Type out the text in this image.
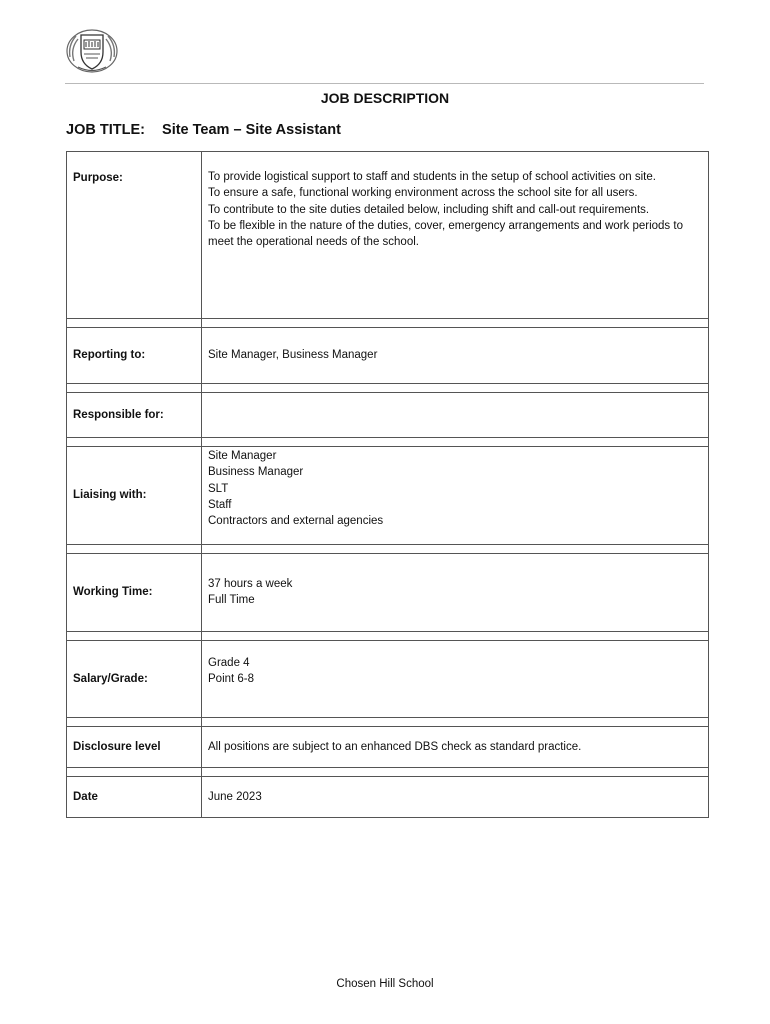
JOB DESCRIPTION
JOB TITLE: Site Team – Site Assistant
Purpose:	To provide logistical support to staff and students in the setup of school activities on site.
To ensure a safe, functional working environment across the school site for all users.
To contribute to the site duties detailed below, including shift and call-out requirements.
To be flexible in the nature of the duties, cover, emergency arrangements and work periods to meet the operational needs of the school.

Reporting to:	Site Manager, Business Manager

Responsible for:	

Liaising with:	Site Manager
Business Manager
SLT
Staff
Contractors and external agencies

Working Time:	37 hours a week
Full Time

Salary/Grade:	Grade 4
Point 6-8

Disclosure level	All positions are subject to an enhanced DBS check as standard practice.

Date	June 2023
Chosen Hill School
